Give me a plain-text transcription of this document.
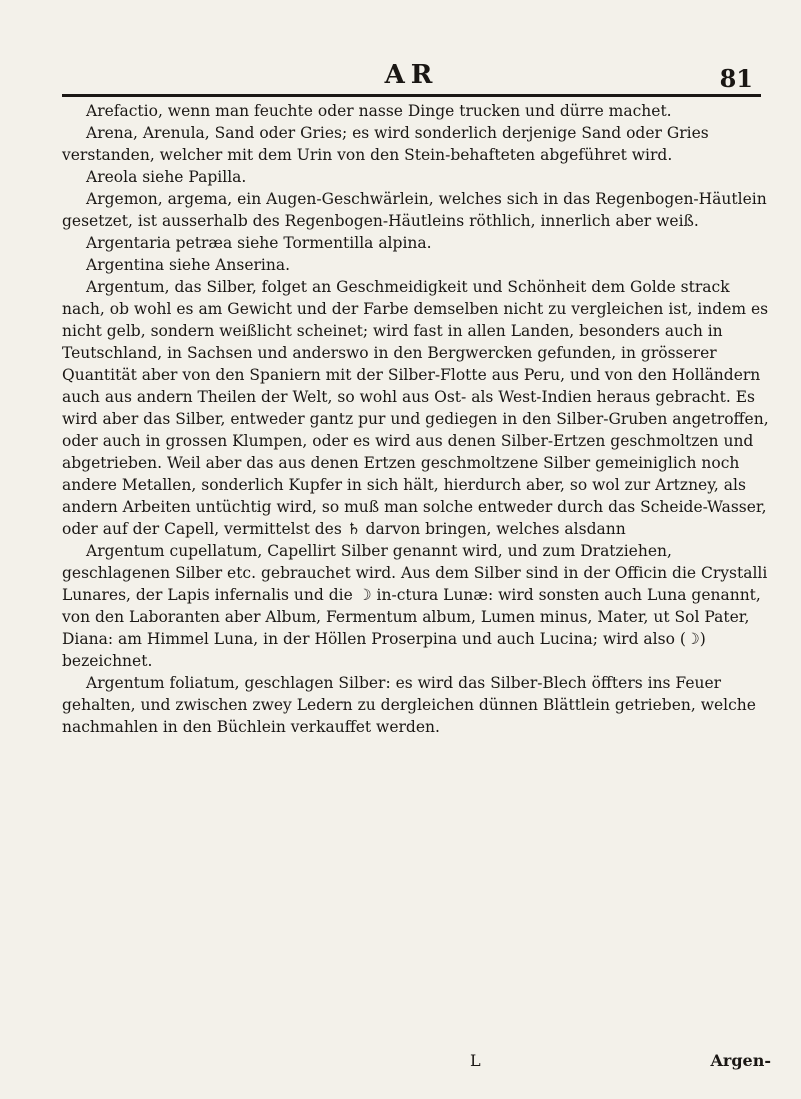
AR	81

Arefactio, wenn man feuchte oder nasse Dinge trucken und dürre machet.

Arena, Arenula, Sand oder Gries; es wird sonderlich derjenige Sand oder Gries verstanden, welcher mit dem Urin von den Stein-behafteten abgeführet wird.

Areola siehe Papilla.

Argemon, argema, ein Augen-Geschwärlein, welches sich in das Regenbogen-Häutlein gesetzet, ist ausserhalb des Regenbogen-Häutleins röthlich, innerlich aber weiß.

Argentaria petræa siehe Tormentilla alpina.

Argentina siehe Anserina.

Argentum, das Silber, folget an Geschmeidigkeit und Schönheit dem Golde strack nach, ob wohl es am Gewicht und der Farbe demselben nicht zu vergleichen ist, indem es nicht gelb, sondern weißlicht scheinet; wird fast in allen Landen, besonders auch in Teutschland, in Sachsen und anderswo in den Bergwercken gefunden, in grösserer Quantität aber von den Spaniern mit der Silber-Flotte aus Peru, und von den Holländern auch aus andern Theilen der Welt, so wohl aus Ost- als West-Indien heraus gebracht. Es wird aber das Silber, entweder gantz pur und gediegen in den Silber-Gruben angetroffen, oder auch in grossen Klumpen, oder es wird aus denen Silber-Ertzen geschmoltzen und abgetrieben. Weil aber das aus denen Ertzen geschmoltzene Silber gemeiniglich noch andere Metallen, sonderlich Kupfer in sich hält, hierdurch aber, so wol zur Artzney, als andern Arbeiten untüchtig wird, so muß man solche entweder durch das Scheide-Wasser, oder auf der Capell, vermittelst des ♄ darvon bringen, welches alsdann

Argentum cupellatum, Capellirt Silber genannt wird, und zum Dratziehen, geschlagenen Silber etc. gebrauchet wird. Aus dem Silber sind in der Officin die Crystalli Lunares, der Lapis infernalis und die ☽ in-ctura Lunæ: wird sonsten auch Luna genannt, von den Laboranten aber Album, Fermentum album, Lumen minus, Mater, ut Sol Pater, Diana: am Himmel Luna, in der Höllen Proserpina und auch Lucina; wird also (☽) bezeichnet.

Argentum foliatum, geschlagen Silber: es wird das Silber-Blech öffters ins Feuer gehalten, und zwischen zwey Ledern zu dergleichen dünnen Blättlein getrieben, welche nachmahlen in den Büchlein verkauffet werden.

L	Argen-
